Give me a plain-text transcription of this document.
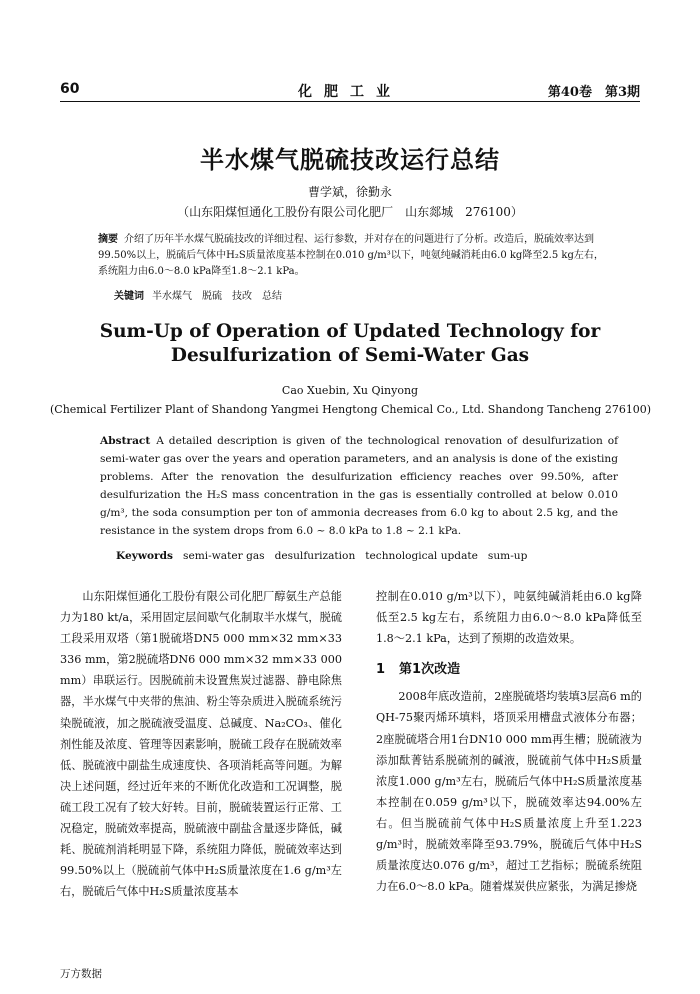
60	化肥工业	第40卷　第3期
半水煤气脱硫技改运行总结
曹学斌，徐勤永
（山东阳煤恒通化工股份有限公司化肥厂　山东郯城　276100）
摘要 介绍了历年半水煤气脱硫技改的详细过程、运行参数，并对存在的问题进行了分析。改造后，脱硫效率达到99.50%以上，脱硫后气体中H₂S质量浓度基本控制在0.010 g/m³以下，吨氨纯碱消耗由6.0 kg降至2.5 kg左右，系统阻力由6.0～8.0 kPa降至1.8～2.1 kPa。
关键词 半水煤气　脱硫　技改　总结
Sum-Up of Operation of Updated Technology for Desulfurization of Semi-Water Gas
Cao Xuebin, Xu Qinyong
(Chemical Fertilizer Plant of Shandong Yangmei Hengtong Chemical Co., Ltd. Shandong Tancheng 276100)
Abstract A detailed description is given of the technological renovation of desulfurization of semi-water gas over the years and operation parameters, and an analysis is done of the existing problems. After the renovation the desulfurization efficiency reaches over 99.50%, after desulfurization the H₂S mass concentration in the gas is essentially controlled at below 0.010 g/m³, the soda consumption per ton of ammonia decreases from 6.0 kg to about 2.5 kg, and the resistance in the system drops from 6.0 ~ 8.0 kPa to 1.8 ~ 2.1 kPa.
Keywords semi-water gas desulfurization technological update sum-up

山东阳煤恒通化工股份有限公司化肥厂醇氨生产总能力为180 kt/a，采用固定层间歇气化制取半水煤气，脱硫工段采用双塔（第1脱硫塔DN5 000 mm×32 mm×33 336 mm，第2脱硫塔DN6 000 mm×32 mm×33 000 mm）串联运行。因脱硫前未设置焦炭过滤器、静电除焦器，半水煤气中夹带的焦油、粉尘等杂质进入脱硫系统污染脱硫液，加之脱硫液受温度、总碱度、Na₂CO₃、催化剂性能及浓度、管理等因素影响，脱硫工段存在脱硫效率低、脱硫液中副盐生成速度快、各项消耗高等问题。为解决上述问题，经过近年来的不断优化改造和工况调整，脱硫工段工况有了较大好转。目前，脱硫装置运行正常、工况稳定，脱硫效率提高，脱硫液中副盐含量逐步降低，碱耗、脱硫剂消耗明显下降，系统阻力降低，脱硫效率达到99.50%以上（脱硫前气体中H₂S质量浓度在1.6 g/m³左右，脱硫后气体中H₂S质量浓度基本

控制在0.010 g/m³以下），吨氨纯碱消耗由6.0 kg降低至2.5 kg左右，系统阻力由6.0～8.0 kPa降低至1.8～2.1 kPa，达到了预期的改造效果。

1 第1次改造

2008年底改造前，2座脱硫塔均装填3层高6 m的QH-75聚丙烯环填料，塔顶采用槽盘式液体分布器；2座脱硫塔合用1台DN10 000 mm再生槽；脱硫液为添加酞菁钴系脱硫剂的碱液，脱硫前气体中H₂S质量浓度1.000 g/m³左右，脱硫后气体中H₂S质量浓度基本控制在0.059 g/m³以下，脱硫效率达94.00%左右。但当脱硫前气体中H₂S质量浓度上升至1.223 g/m³时，脱硫效率降至93.79%，脱硫后气体中H₂S质量浓度达0.076 g/m³，超过工艺指标；脱硫系统阻力在6.0～8.0 kPa。随着煤炭供应紧张，为满足掺烧

万方数据
